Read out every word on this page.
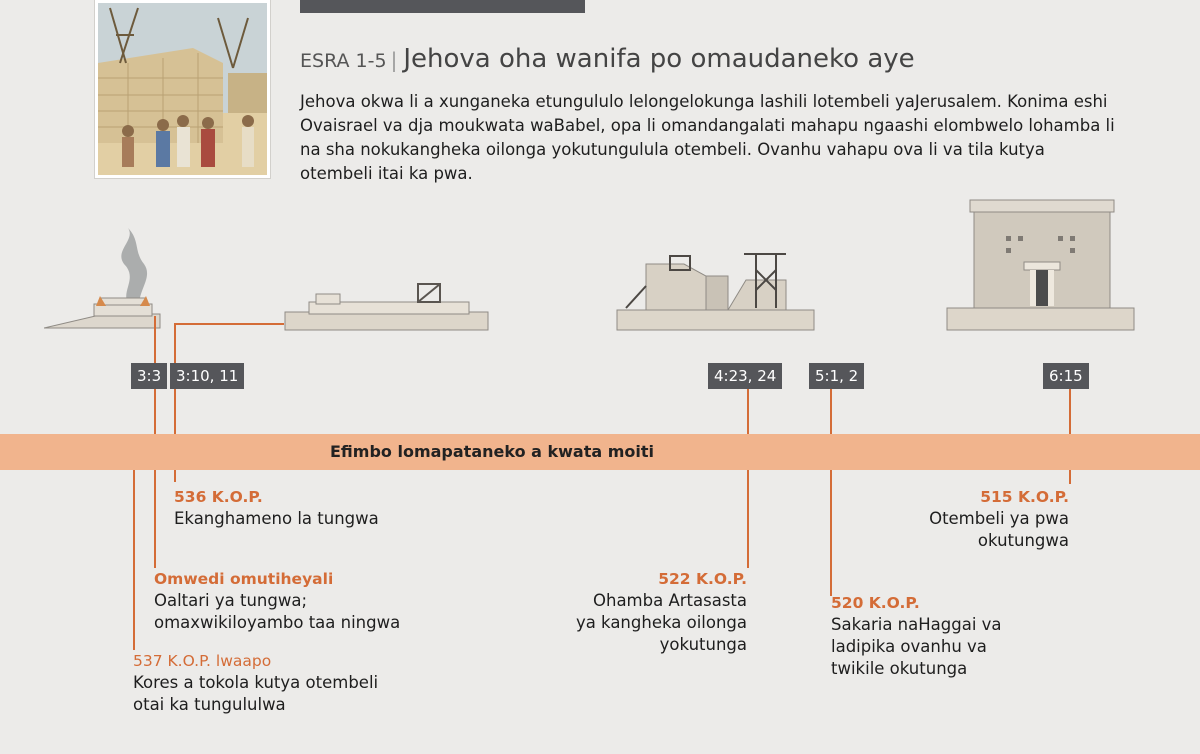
ESRA 1-5 | Jehova oha wanifa po omaudaneko aye
Jehova okwa li a xunganeka etungululo lelongelokunga lashili lotembeli yaJerusalem. Konima eshi Ovaisrael va dja moukwata waBabel, opa li omandangalati mahapu ngaashi elombwelo lohamba li na sha nokukangheka oilonga yokutungulula otembeli. Ovanhu vahapu ova li va tila kutya otembeli itai ka pwa.
3:3 3:10, 11	4:23, 24	5:1, 2	6:15
Efimbo lomapataneko a kwata moiti
536 K.O.P.
Ekanghameno la tungwa
Omwedi omutiheyali
Oaltari ya tungwa;
omaxwikiloyambo taa ningwa
537 K.O.P. lwaapo
Kores a tokola kutya otembeli
otai ka tungululwa
522 K.O.P.
Ohamba Artasasta
ya kangheka oilonga
yokutunga
520 K.O.P.
Sakaria naHaggai va
ladipika ovanhu va
twikile okutunga
515 K.O.P.
Otembeli ya pwa
okutungwa
